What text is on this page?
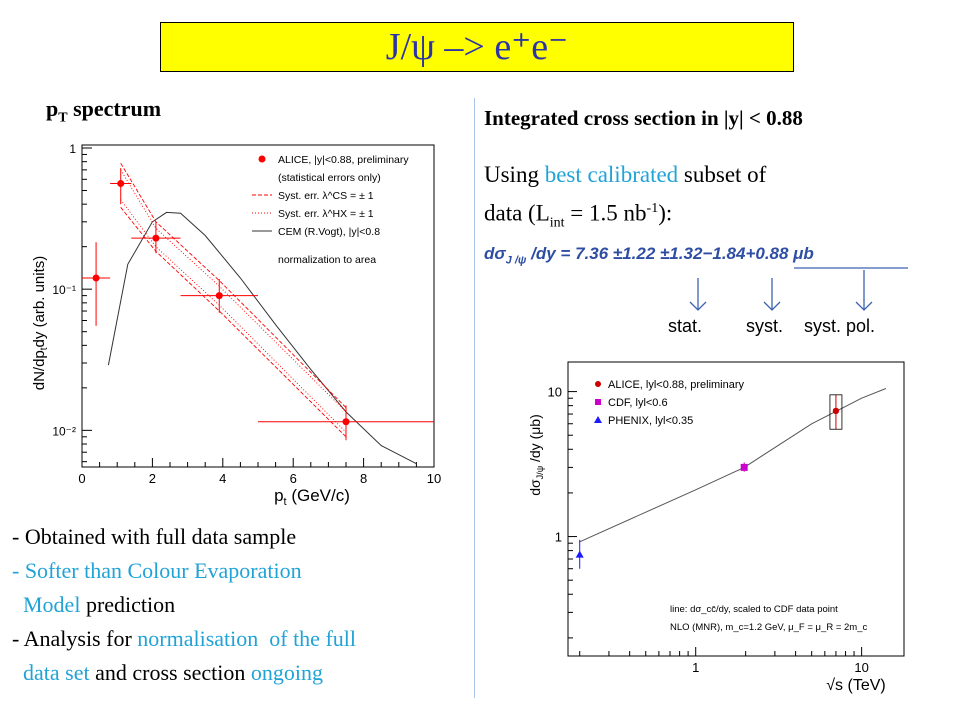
J/ψ –> e⁺e⁻
$p_T$ spectrum	Integrated cross section in |y| < 0.88
Using best calibrated subset of
data ($L_{int} = 1.5$ $nb^{-1}$):
$d\sigma_{J /\psi}$ /dy = 7.36 ±1.22 ±1.32−1.84+0.88 μb
stat. syst. syst. pol.
0	2	4	6	8	10
1
10⁻¹
10⁻²
ALICE, |y|<0.88, preliminary
(statistical errors only)
Syst. err. λ^CS = ± 1
Syst. err. λ^HX = ± 1
CEM (R.Vogt), |y|<0.8
normalization to area
$p_t$ (GeV/c)
$dN/dp_tdy$ (arb. units)
1	10
1
10	ALICE, lyl<0.88, preliminary
CDF, lyl<0.6
PHENIX, lyl<0.35
line: dσ_cc̄/dy, scaled to CDF data point
NLO (MNR), m_c=1.2 GeV, μ_F = μ_R = 2m_c
√s (TeV)
$d\sigma_{J/\psi}$ /dy (μb)
- Obtained with full data sample
- Softer than Colour Evaporation
Model prediction
- Analysis for normalisation  of the full
data set and cross section ongoing
